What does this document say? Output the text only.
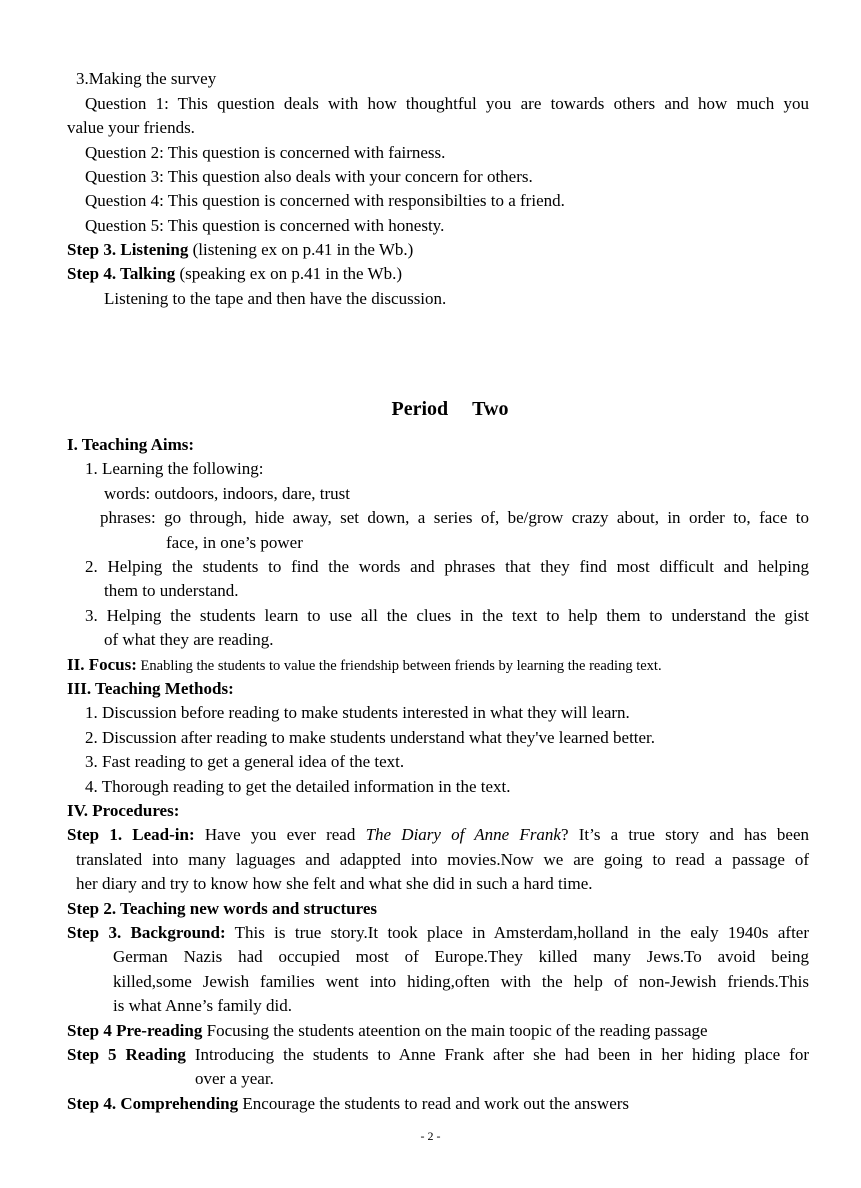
3.Making the survey
Question 1: This question deals with how thoughtful you are towards others and how much you
value your friends.
Question 2: This question is concerned with fairness.
Question 3: This question also deals with your concern for others.
Question 4: This question is concerned with responsibilties to a friend.
Question 5: This question is concerned with honesty.
Step 3. Listening (listening ex on p.41 in the Wb.)
Step 4. Talking (speaking ex on p.41 in the Wb.)
Listening to the tape and then have the discussion.
Period Two
I. Teaching Aims:
1. Learning the following:
words: outdoors, indoors, dare, trust
phrases: go through, hide away, set down, a series of, be/grow crazy about, in order to, face to
face, in one’s power
2. Helping the students to find the words and phrases that they find most difficult and helping
them to understand.
3. Helping the students learn to use all the clues in the text to help them to understand the gist
of what they are reading.
II. Focus: Enabling the students to value the friendship between friends by learning the reading text.
III. Teaching Methods:
1. Discussion before reading to make students interested in what they will learn.
2. Discussion after reading to make students understand what they've learned better.
3. Fast reading to get a general idea of the text.
4. Thorough reading to get the detailed information in the text.
IV. Procedures:
Step 1. Lead-in: Have you ever read The Diary of Anne Frank? It’s a true story and has been
translated into many laguages and adappted into movies.Now we are going to read a passage of
her diary and try to know how she felt and what she did in such a hard time.
Step 2. Teaching new words and structures
Step 3. Background: This is true story.It took place in Amsterdam,holland in the ealy 1940s after
German Nazis had occupied most of Europe.They killed many Jews.To avoid being
killed,some Jewish families went into hiding,often with the help of non-Jewish friends.This
is what Anne’s family did.
Step 4 Pre-reading Focusing the students ateention on the main toopic of the reading passage
Step 5 Reading Introducing the students to Anne Frank after she had been in her hiding place for
over a year.
Step 4. Comprehending Encourage the students to read and work out the answers
- 2 -
